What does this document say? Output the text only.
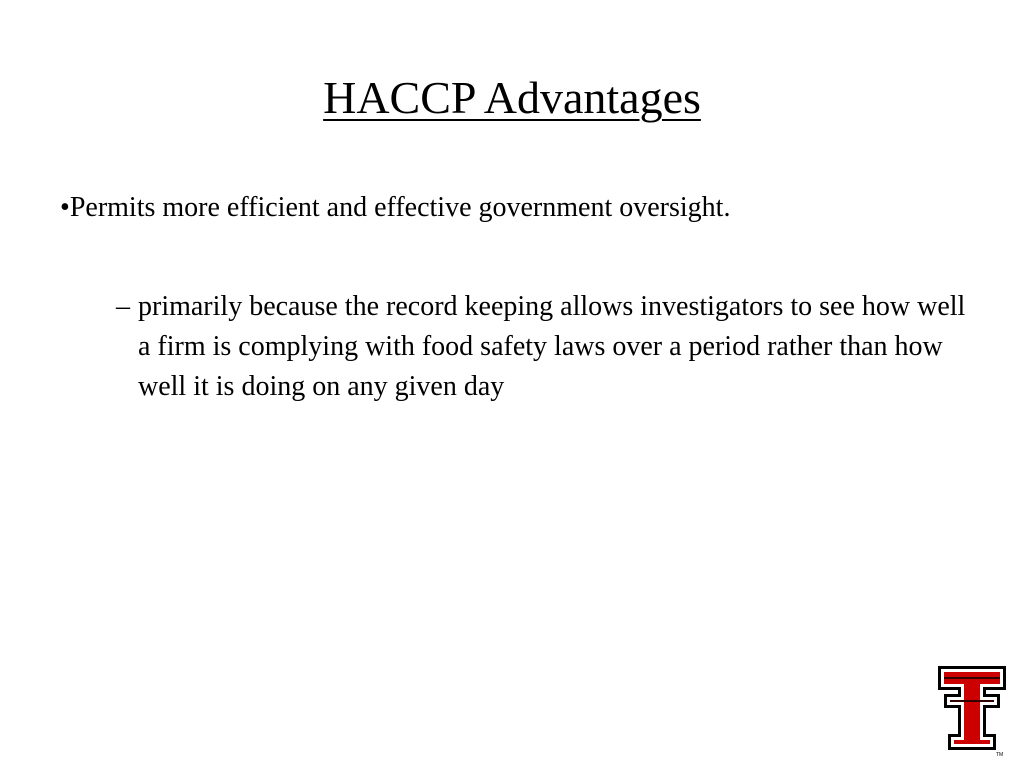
HACCP Advantages
•Permits more efficient and effective government oversight.
– primarily because the record keeping allows investigators to see how well a firm is complying with food safety laws over a period rather than how well it is doing on any given day
TM
